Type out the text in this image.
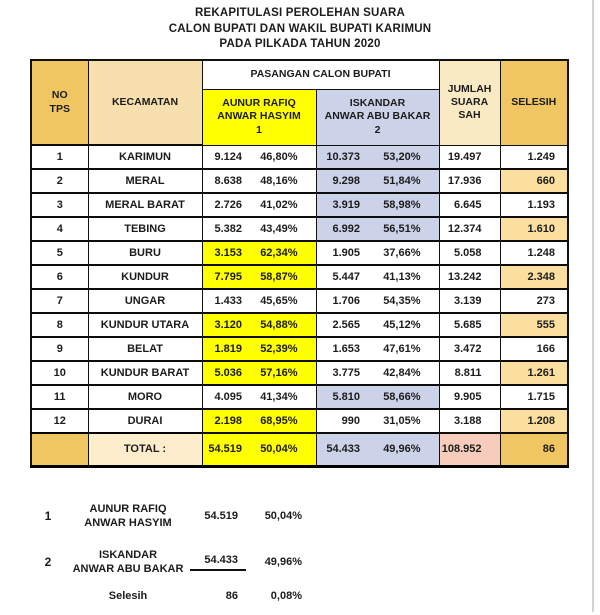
REKAPITULASI PEROLEHAN SUARA
CALON BUPATI DAN WAKIL BUPATI KARIMUN
PADA PILKADA TAHUN 2020
NO
TPS
	KECAMATAN	PASANGAN CALON BUPATI	
JUMLAH
SUARA
SAH
	SELESIH

AUNUR RAFIQ
ANWAR HASYIM
1

ISKANDAR
ANWAR ABU BAKAR
2

1	KARIMUN	9.124	46,80%	10.373	53,20%	19.497	1.249
2	MERAL	8.638	48,16%	9.298	51,84%	17.936	660
3	MERAL BARAT	2.726	41,02%	3.919	58,98%	6.645	1.193
4	TEBING	5.382	43,49%	6.992	56,51%	12.374	1.610
5	BURU	3.153	62,34%	1.905	37,66%	5.058	1.248
6	KUNDUR	7.795	58,87%	5.447	41,13%	13.242	2.348
7	UNGAR	1.433	45,65%	1.706	54,35%	3.139	273
8	KUNDUR UTARA	3.120	54,88%	2.565	45,12%	5.685	555
9	BELAT	1.819	52,39%	1.653	47,61%	3.472	166
10	KUNDUR BARAT	5.036	57,16%	3.775	42,84%	8.811	1.261
11	MORO	4.095	41,34%	5.810	58,66%	9.905	1.715
12	DURAI	2.198	68,95%	990	31,05%	3.188	1.208
	TOTAL :	54.519	50,04%	54.433	49,96%	108.952	86
1
AUNUR RAFIQ
ANWAR HASYIM
54.519	50,04%
2
ISKANDAR
ANWAR ABU BAKAR
54.433	49,96%
Selesih	86	0,08%
